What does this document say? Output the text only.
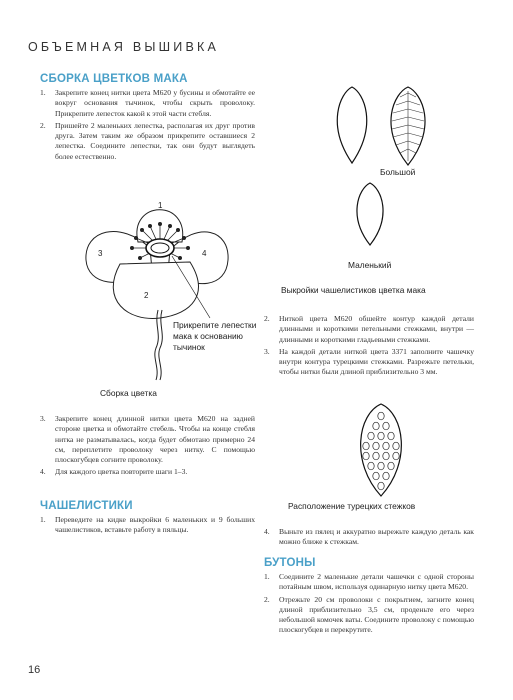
ОБЪЕМНАЯ ВЫШИВКА
СБОРКА ЦВЕТКОВ МАКА
1. Закрепите конец нитки цвета M620 у бусины и обмотайте ее вокруг основания тычинок, чтобы скрыть проволоку. Прикрепите лепесток какой к этой части стебля.
2. Пришейте 2 маленьких лепестка, располагая их друг против друга. Затем таким же образом прикрепите оставшиеся 2 лепестка. Соедините лепестки, так они будут выглядеть более естественно.
1
2
3	4
Прикрепите лепестки мака к основанию тычинок
Сборка цветка
3. Закрепите конец длинной нитки цвета M620 на задней стороне цветка и обмотайте стебель. Чтобы на конце стебля нитка не разматывалась, когда будет обмотано примерно 24 см, переплетите проволоку через нитку. С помощью плоскогубцев согните проволоку.
4. Для каждого цветка повторите шаги 1–3.
ЧАШЕЛИСТИКИ
1. Переведите на кидке выкройки 6 маленьких и 9 больших чашелистиков, вставьте работу в пяльцы.
Большой
Маленький
Выкройки чашелистиков цветка мака
2. Ниткой цвета M620 обшейте контур каждой детали длинными и короткими петельными стежками, внутри — длинными и короткими гладьевыми стежками.
3. На каждой детали ниткой цвета 3371 заполните чашечку внутри контура турецкими стежками. Разрежьте петельки, чтобы нитки были длиной приблизительно 3 мм.
Расположение турецких стежков
4. Выньте из пялец и аккуратно вырежьте каждую деталь как можно ближе к стежкам.
БУТОНЫ
1. Соедините 2 маленькие детали чашечки с одной стороны потайным швом, используя одинарную нитку цвета M620.
2. Отрежьте 20 см проволоки с покрытием, загните конец длиной приблизительно 3,5 см, проденьте его через небольшой комочек ваты. Соедините проволоку с помощью плоскогубцев и перекрутите.
16
